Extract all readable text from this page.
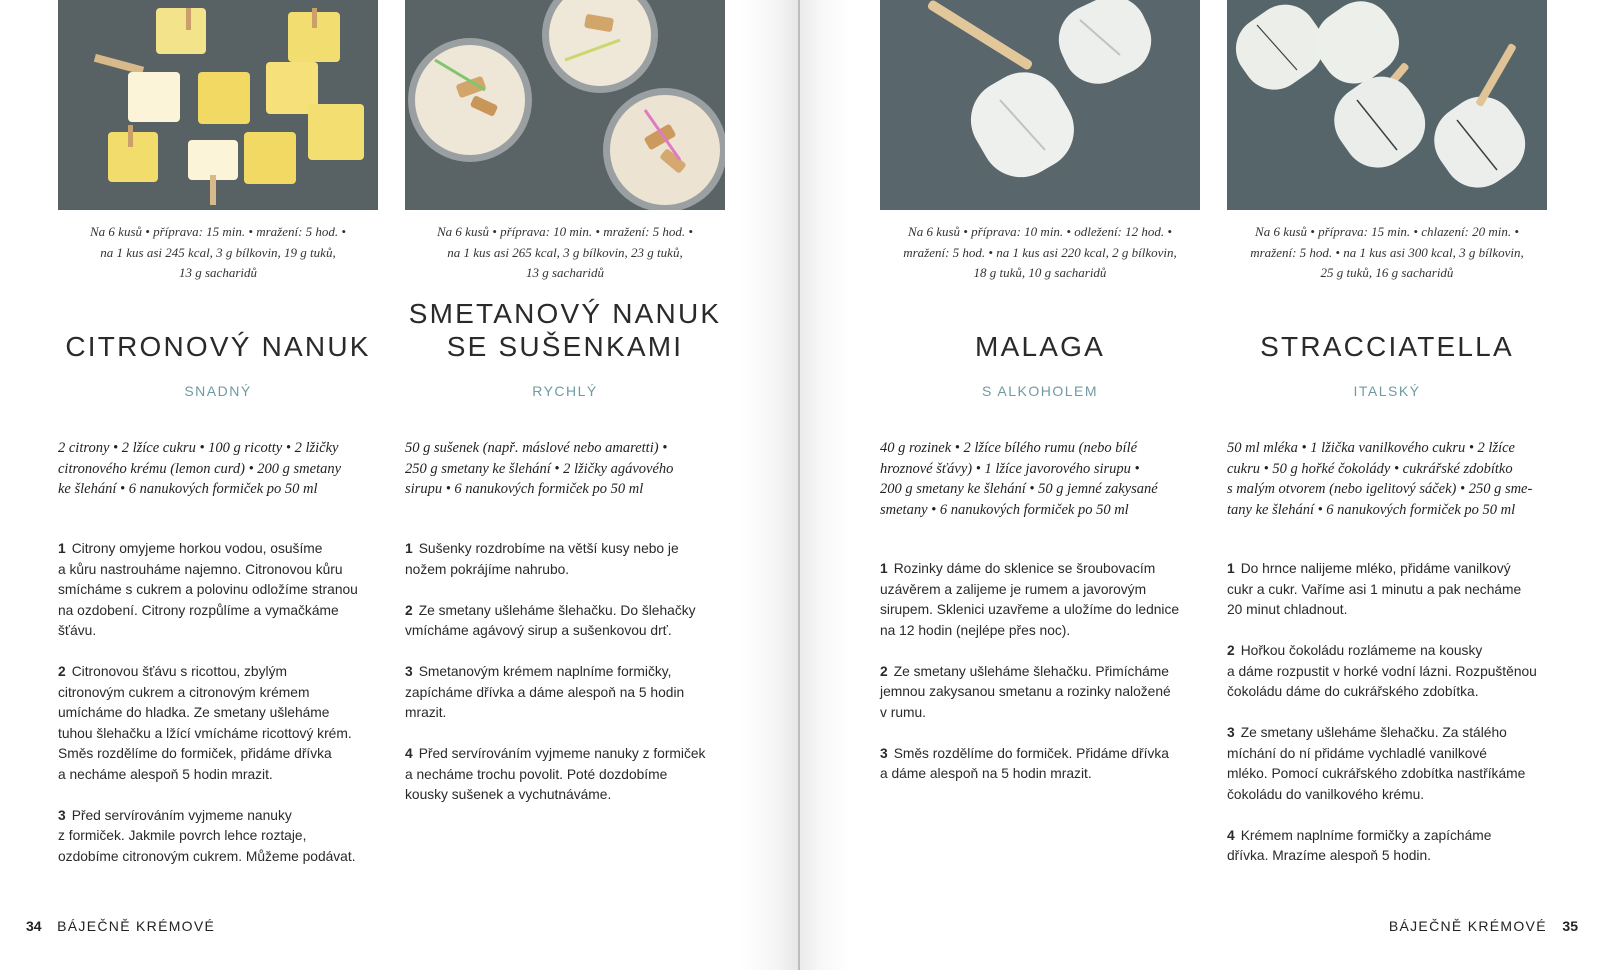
Na 6 kusů • příprava: 15 min. • mražení: 5 hod. •
na 1 kus asi 245 kcal, 3 g bílkovin, 19 g tuků,
13 g sacharidů
CITRONOVÝ NANUK
SNADNÝ
2 citrony • 2 lžíce cukru • 100 g ricotty • 2 lžičky
citronového krému (lemon curd) • 200 g smetany
ke šlehání • 6 nanukových formiček po 50 ml
1 Citrony omyjeme horkou vodou, osušíme
a kůru nastrouháme najemno. Citronovou kůru
smícháme s cukrem a polovinu odložíme stranou
na ozdobení. Citrony rozpůlíme a vymačkáme
šťávu.
2 Citronovou šťávu s ricottou, zbylým
citronovým cukrem a citronovým krémem
umícháme do hladka. Ze smetany ušleháme
tuhou šlehačku a lžící vmícháme ricottový krém.
Směs rozdělíme do formiček, přidáme dřívka
a necháme alespoň 5 hodin mrazit.
3 Před servírováním vyjmeme nanuky
z formiček. Jakmile povrch lehce roztaje,
ozdobíme citronovým cukrem. Můžeme podávat.
Na 6 kusů • příprava: 10 min. • mražení: 5 hod. •
na 1 kus asi 265 kcal, 3 g bílkovin, 23 g tuků,
13 g sacharidů
SMETANOVÝ NANUK
SE SUŠENKAMI
RYCHLÝ
50 g sušenek (např. máslové nebo amaretti) •
250 g smetany ke šlehání • 2 lžičky agávového
sirupu • 6 nanukových formiček po 50 ml
1 Sušenky rozdrobíme na větší kusy nebo je
nožem pokrájíme nahrubo.
2 Ze smetany ušleháme šlehačku. Do šlehačky
vmícháme agávový sirup a sušenkovou drť.
3 Smetanovým krémem naplníme formičky,
zapícháme dřívka a dáme alespoň na 5 hodin
mrazit.
4 Před servírováním vyjmeme nanuky z formiček
a necháme trochu povolit. Poté dozdobíme
kousky sušenek a vychutnáváme.
34 BÁJEČNĚ KRÉMOVÉ
Na 6 kusů • příprava: 10 min. • odležení: 12 hod. •
mražení: 5 hod. • na 1 kus asi 220 kcal, 2 g bílkovin,
18 g tuků, 10 g sacharidů
MALAGA
S ALKOHOLEM
40 g rozinek • 2 lžíce bílého rumu (nebo bílé
hroznové šťávy) • 1 lžíce javorového sirupu •
200 g smetany ke šlehání • 50 g jemné zakysané
smetany • 6 nanukových formiček po 50 ml
1 Rozinky dáme do sklenice se šroubovacím
uzávěrem a zalijeme je rumem a javorovým
sirupem. Sklenici uzavřeme a uložíme do lednice
na 12 hodin (nejlépe přes noc).
2 Ze smetany ušleháme šlehačku. Přimícháme
jemnou zakysanou smetanu a rozinky naložené
v rumu.
3 Směs rozdělíme do formiček. Přidáme dřívka
a dáme alespoň na 5 hodin mrazit.
Na 6 kusů • příprava: 15 min. • chlazení: 20 min. •
mražení: 5 hod. • na 1 kus asi 300 kcal, 3 g bílkovin,
25 g tuků, 16 g sacharidů
STRACCIATELLA
ITALSKÝ
50 ml mléka • 1 lžička vanilkového cukru • 2 lžíce
cukru • 50 g hořké čokolády • cukrářské zdobítko
s malým otvorem (nebo igelitový sáček) • 250 g sme-
tany ke šlehání • 6 nanukových formiček po 50 ml
1 Do hrnce nalijeme mléko, přidáme vanilkový
cukr a cukr. Vaříme asi 1 minutu a pak necháme
20 minut chladnout.
2 Hořkou čokoládu rozlámeme na kousky
a dáme rozpustit v horké vodní lázni. Rozpuštěnou
čokoládu dáme do cukrářského zdobítka.
3 Ze smetany ušleháme šlehačku. Za stálého
míchání do ní přidáme vychladlé vanilkové
mléko. Pomocí cukrářského zdobítka nastříkáme
čokoládu do vanilkového krému.
4 Krémem naplníme formičky a zapícháme
dřívka. Mrazíme alespoň 5 hodin.
BÁJEČNĚ KRÉMOVÉ 35
